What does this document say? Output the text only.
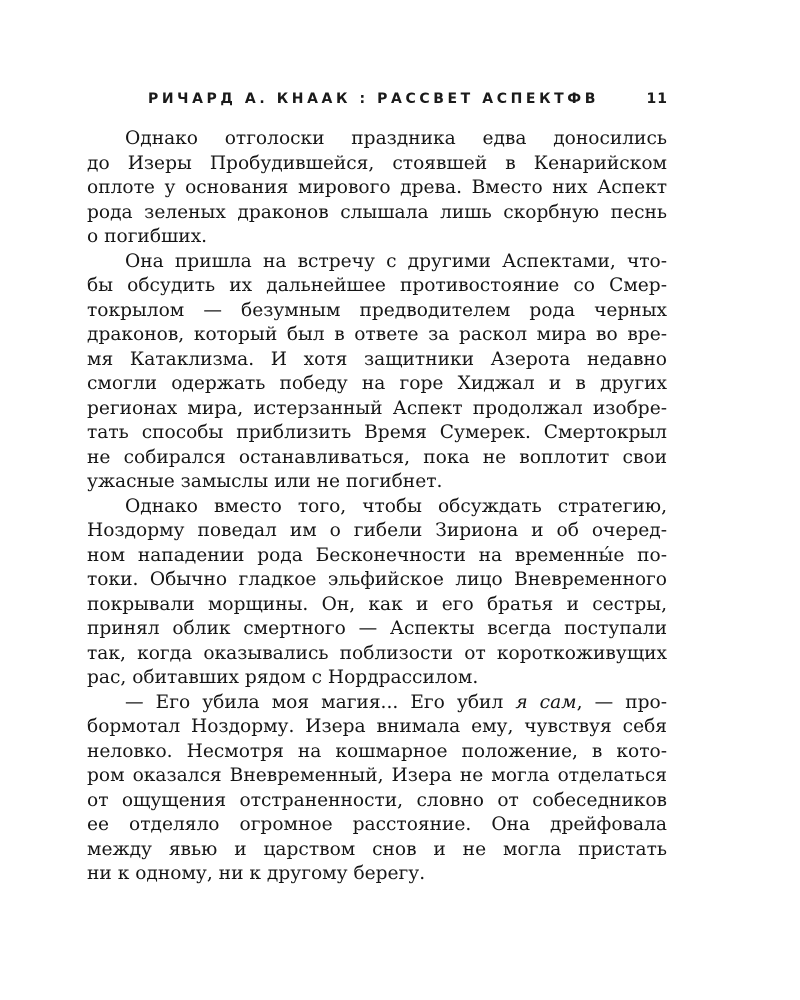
РИЧАРД А. КНААК : РАССВЕТ АСПЕКТФВ	11

Однако отголоски праздника едва доносились
до Изеры Пробудившейся, стоявшей в Кенарийском
оплоте у основания мирового древа. Вместо них Аспект
рода зеленых драконов слышала лишь скорбную песнь
о погибших.

Она пришла на встречу с другими Аспектами, что-
бы обсудить их дальнейшее противостояние со Смер-
токрылом — безумным предводителем рода черных
драконов, который был в ответе за раскол мира во вре-
мя Катаклизма. И хотя защитники Азерота недавно
смогли одержать победу на горе Хиджал и в других
регионах мира, истерзанный Аспект продолжал изобре-
тать способы приблизить Время Сумерек. Смертокрыл
не собирался останавливаться, пока не воплотит свои
ужасные замыслы или не погибнет.

Однако вместо того, чтобы обсуждать стратегию,
Ноздорму поведал им о гибели Зириона и об очеред-
ном нападении рода Бесконечности на временны́е по-
токи. Обычно гладкое эльфийское лицо Вневременного
покрывали морщины. Он, как и его братья и сестры,
принял облик смертного — Аспекты всегда поступали
так, когда оказывались поблизости от короткоживущих
рас, обитавших рядом с Нордрассилом.

— Его убила моя магия... Его убил я сам, — про-
бормотал Ноздорму. Изера внимала ему, чувствуя себя
неловко. Несмотря на кошмарное положение, в кото-
ром оказался Вневременный, Изера не могла отделаться
от ощущения отстраненности, словно от собеседников
ее отделяло огромное расстояние. Она дрейфовала
между явью и царством снов и не могла пристать
ни к одному, ни к другому берегу.
